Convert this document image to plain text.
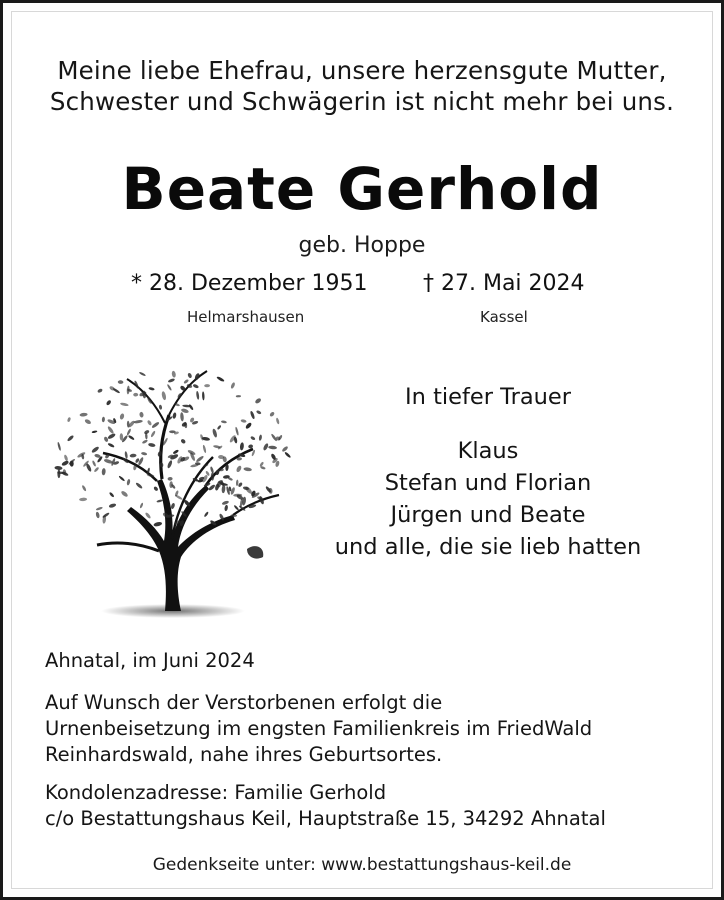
Meine liebe Ehefrau, unsere herzensgute Mutter,
Schwester und Schwägerin ist nicht mehr bei uns.
Beate Gerhold
geb. Hoppe
* 28. Dezember 1951	† 27. Mai 2024
Helmarshausen	Kassel
In tiefer Trauer
Klaus
Stefan und Florian
Jürgen und Beate
und alle, die sie lieb hatten

Ahnatal, im Juni 2024

Auf Wunsch der Verstorbenen erfolgt die

Urnenbeisetzung im engsten Familienkreis im FriedWald

Reinhardswald, nahe ihres Geburtsortes.

Kondolenzadresse: Familie Gerhold

c/o Bestattungshaus Keil, Hauptstraße 15, 34292 Ahnatal

Gedenkseite unter: www.bestattungshaus-keil.de
